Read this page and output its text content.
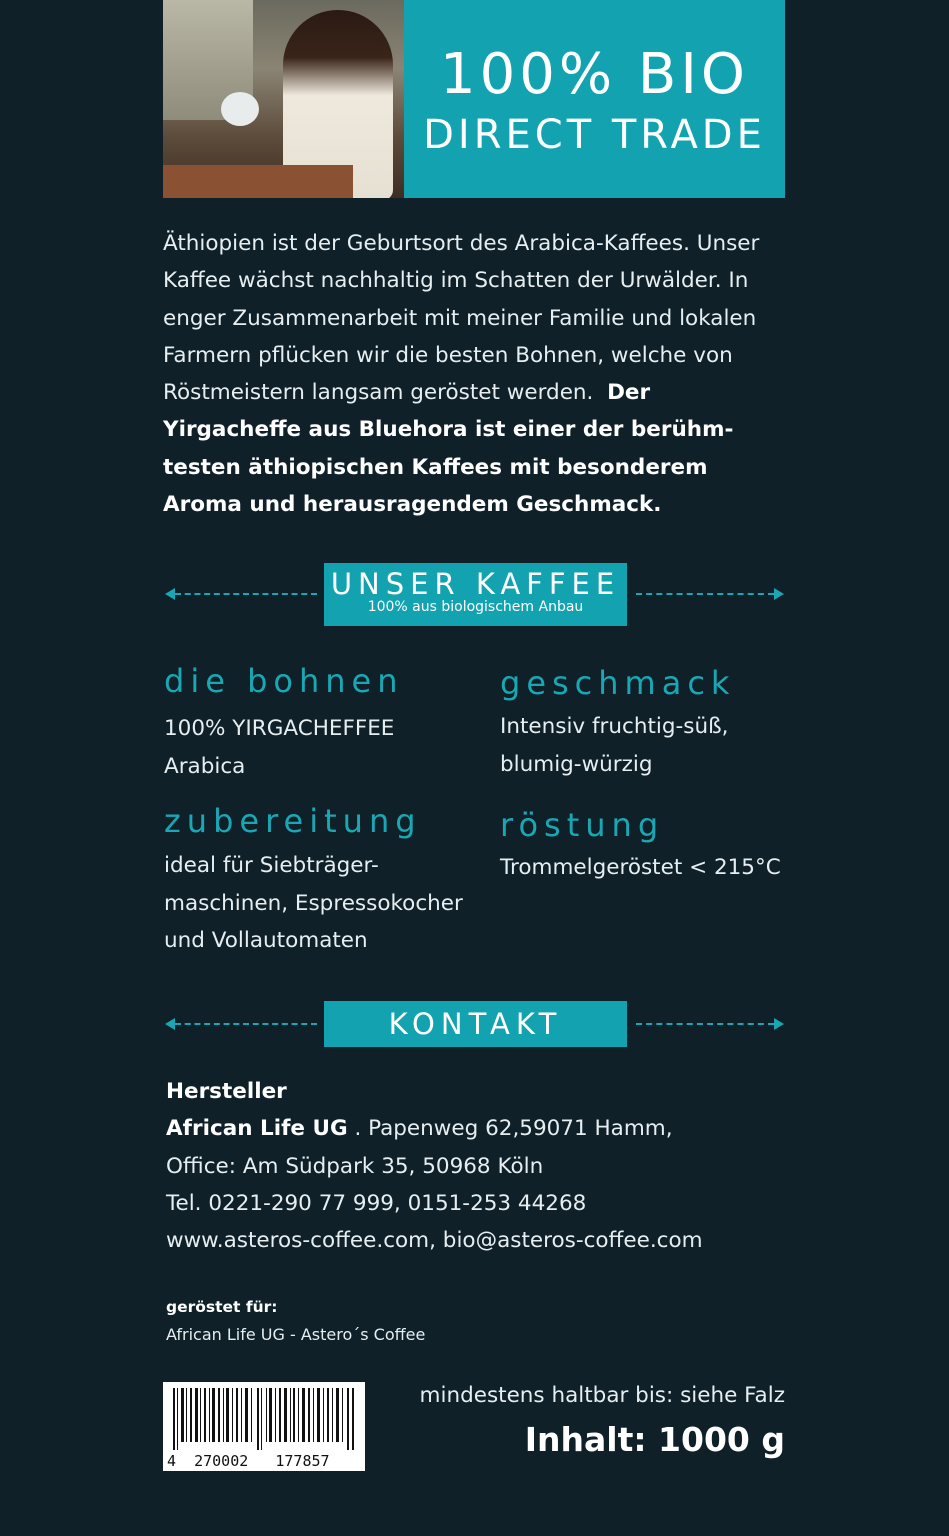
100% BIO
DIRECT TRADE
Äthiopien ist der Geburtsort des Arabica-Kaffees. Unser Kaffee wächst nachhaltig im Schatten der Urwälder. In enger Zusammenarbeit mit meiner Familie und lokalen Farmern pflücken wir die besten Bohnen, welche von Röstmeistern langsam geröstet werden. Der Yirgacheffe aus Bluehora ist einer der berühm-testen äthiopischen Kaffees mit besonderem Aroma und herausragendem Geschmack.
UNSER KAFFEE
100% aus biologischem Anbau
die bohnen
100% YIRGACHEFFEE
Arabica
geschmack
Intensiv fruchtig-süß,
blumig-würzig
zubereitung
ideal für Siebträger-
maschinen, Espressokocher
und Vollautomaten
röstung
Trommelgeröstet < 215°C
KONTAKT
Hersteller
African Life UG . Papenweg 62,59071 Hamm,
Office: Am Südpark 35, 50968 Köln
Tel. 0221-290 77 999, 0151-253 44268
www.asteros-coffee.com, bio@asteros-coffee.com
geröstet für:
African Life UG - Astero´s Coffee
4 270002 177857
mindestens haltbar bis: siehe Falz
Inhalt: 1000 g
